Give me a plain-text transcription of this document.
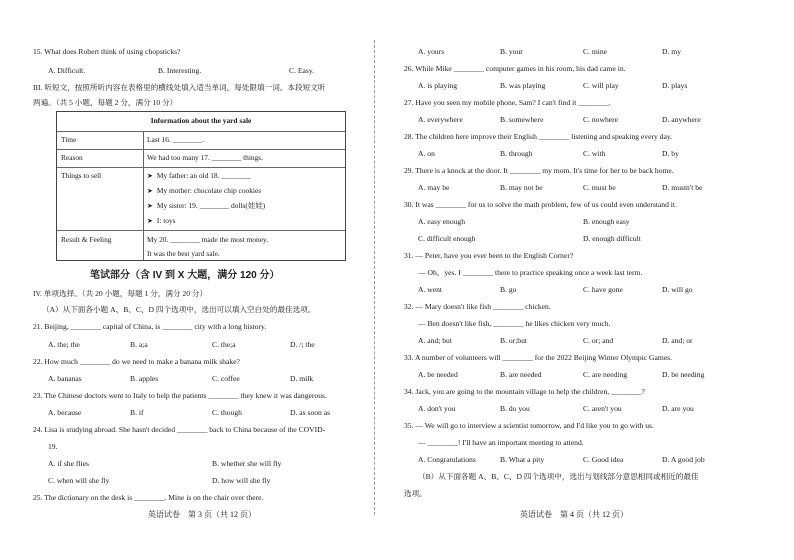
15. What does Robert think of using chopsticks?
A. Difficult.	B. Interesting.	C. Easy.
III. 听短文，按照所听内容在表格里的横线处填入适当单词，每处限填一词。本段短文听
两遍。（共 5 小题，每题 2 分，满分 10 分）
Information about the yard sale
Time	Last 16. ________.
Reason	We had too many 17. ________ things.
Things to sell	➤ My father: an old 18. ________
➤ My mother: chocolate chip cookies
➤ My sister: 19. ________ dolls(娃娃)
➤ I: toys
Result & Feeling	My 20. ________ made the most money.
It was the best yard sale.
笔试部分（含 IV 到 X 大题，满分 120 分）
IV. 单项选择。（共 20 小题，每题 1 分，满分 20 分）
（A）从下面各小题 A、B、C、D 四个选项中，选出可以填入空白处的最佳选项。
21. Beijing, ________ capital of China, is ________ city with a long history.
A. the; the	B. a;a	C. the;a	D. /; the
22. How much ________ do we need to make a banana milk shake?
A. bananas	B. apples	C. coffee	D. milk
23. The Chinese doctors went to Italy to help the patients ________ they knew it was dangerous.
A. because	B. if	C. though	D. as soon as
24. Lisa is studying abroad. She hasn't decided ________ back to China because of the COVID-
19.
A. if she flies	B. whether she will fly
C. when will she fly	D. how will she fly
25. The dictionary on the desk is ________. Mine is on the chair over there.
英语试卷　第 3 页（共 12 页）
A. yours	B. your	C. mine	D. my
26. While Mike ________ computer games in his room, his dad came in.
A. is playing	B. was playing	C. will play	D. plays
27. Have you seen my mobile phone, Sam? I can't find it ________.
A. everywhere	B. somewhere	C. nowhere	D. anywhere
28. The children here improve their English ________ listening and speaking every day.
A. on	B. through	C. with	D. by
29. There is a knock at the door. It ________ my mom. It's time for her to be back home.
A. may be	B. may not be	C. must be	D. mustn't be
30. It was ________ for us to solve the math problem, few of us could even understand it.
A. easy enough	B. enough easy
C. difficult enough	D. enough difficult
31. — Peter, have you ever been to the English Corner?
— Oh，yes. I ________ there to practice speaking once a week last term.
A. went	B. go	C. have gone	D. will go
32. — Mary doesn't like fish ________ chicken.
— Ben doesn't like fish, ________ he likes chicken very much.
A. and; but	B. or;but	C. or; and	D. and; or
33. A number of volunteers will ________ for the 2022 Beijing Winter Olympic Games.
A. be needed	B. are needed	C. are needing	D. be needing
34. Jack, you are going to the mountain village to help the children, ________?
A. don't you	B. do you	C. aren't you	D. are you
35. — We will go to interview a scientist tomorrow, and I'd like you to go with us.
— ________! I'll have an important meeting to attend.
A. Congratulations	B. What a pity	C. Good idea	D. A good job
（B）从下面各题 A、B、C、D 四个选项中，选出与划线部分意思相同或相近的最佳
选项。
英语试卷　第 4 页（共 12 页）
